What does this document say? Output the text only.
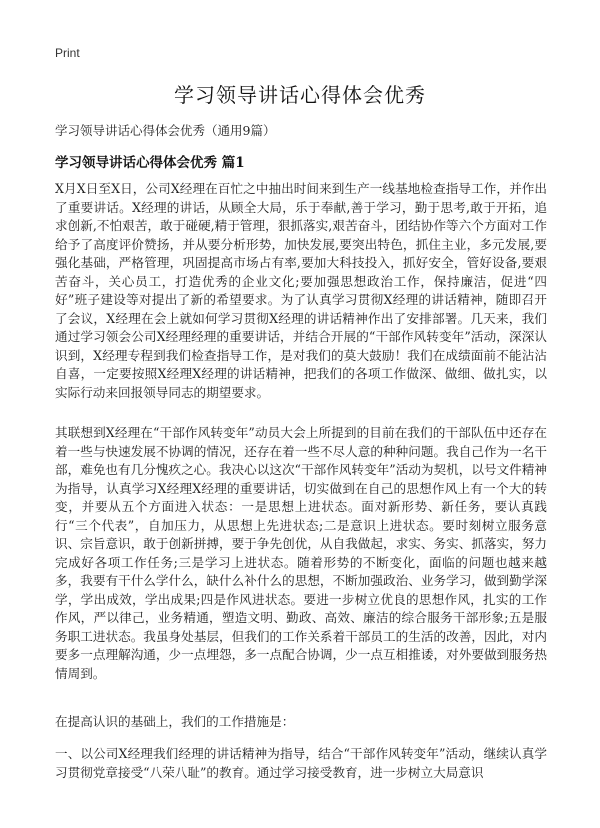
Print
学习领导讲话心得体会优秀
学习领导讲话心得体会优秀（通用9篇）
学习领导讲话心得体会优秀 篇1

X月X日至X日，公司X经理在百忙之中抽出时间来到生产一线基地检查指导工作，并作出了重要讲话。X经理的讲话，从顾全大局，乐于奉献,善于学习，勤于思考,敢于开拓，追求创新,不怕艰苦，敢于碰硬,精于管理，狠抓落实,艰苦奋斗，团结协作等六个方面对工作给予了高度评价赞扬，并从要分析形势，加快发展,要突出特色，抓住主业，多元发展,要强化基础，严格管理，巩固提高市场占有率,要加大科技投入，抓好安全，管好设备,要艰苦奋斗，关心员工，打造优秀的企业文化;要加强思想政治工作，保持廉洁，促进“四好”班子建设等对提出了新的希望要求。为了认真学习贯彻X经理的讲话精神，随即召开了会议，X经理在会上就如何学习贯彻X经理的讲话精神作出了安排部署。几天来，我们通过学习领会公司X经理经理的重要讲话，并结合开展的“干部作风转变年”活动，深深认识到，X经理专程到我们检查指导工作，是对我们的莫大鼓励！我们在成绩面前不能沾沾自喜，一定要按照X经理X经理的讲话精神，把我们的各项工作做深、做细、做扎实，以实际行动来回报领导同志的期望要求。

其联想到X经理在“干部作风转变年”动员大会上所提到的目前在我们的干部队伍中还存在着一些与快速发展不协调的情况，还存在着一些不尽人意的种种问题。我自己作为一名干部，难免也有几分愧疚之心。我决心以这次“干部作风转变年”活动为契机，以号文件精神为指导，认真学习X经理X经理的重要讲话，切实做到在自己的思想作风上有一个大的转变，并要从五个方面进入状态：一是思想上进状态。面对新形势、新任务，要认真践行“三个代表”，自加压力，从思想上先进状态;二是意识上进状态。要时刻树立服务意识、宗旨意识，敢于创新拼搏，要于争先创优，从自我做起，求实、务实、抓落实，努力完成好各项工作任务;三是学习上进状态。随着形势的不断变化，面临的问题也越来越多，我要有干什么学什么，缺什么补什么的思想，不断加强政治、业务学习，做到勤学深学，学出成效，学出成果;四是作风进状态。要进一步树立优良的思想作风，扎实的工作作风，严以律己，业务精通，塑造文明、勤政、高效、廉洁的综合服务干部形象;五是服务职工进状态。我虽身处基层，但我们的工作关系着干部员工的生活的改善，因此，对内要多一点理解沟通，少一点埋怨，多一点配合协调，少一点互相推诿，对外要做到服务热情周到。

在提高认识的基础上，我们的工作措施是：

一、以公司X经理我们经理的讲话精神为指导，结合“干部作风转变年”活动，继续认真学习贯彻党章接受“八荣八耻”的教育。通过学习接受教育，进一步树立大局意识
